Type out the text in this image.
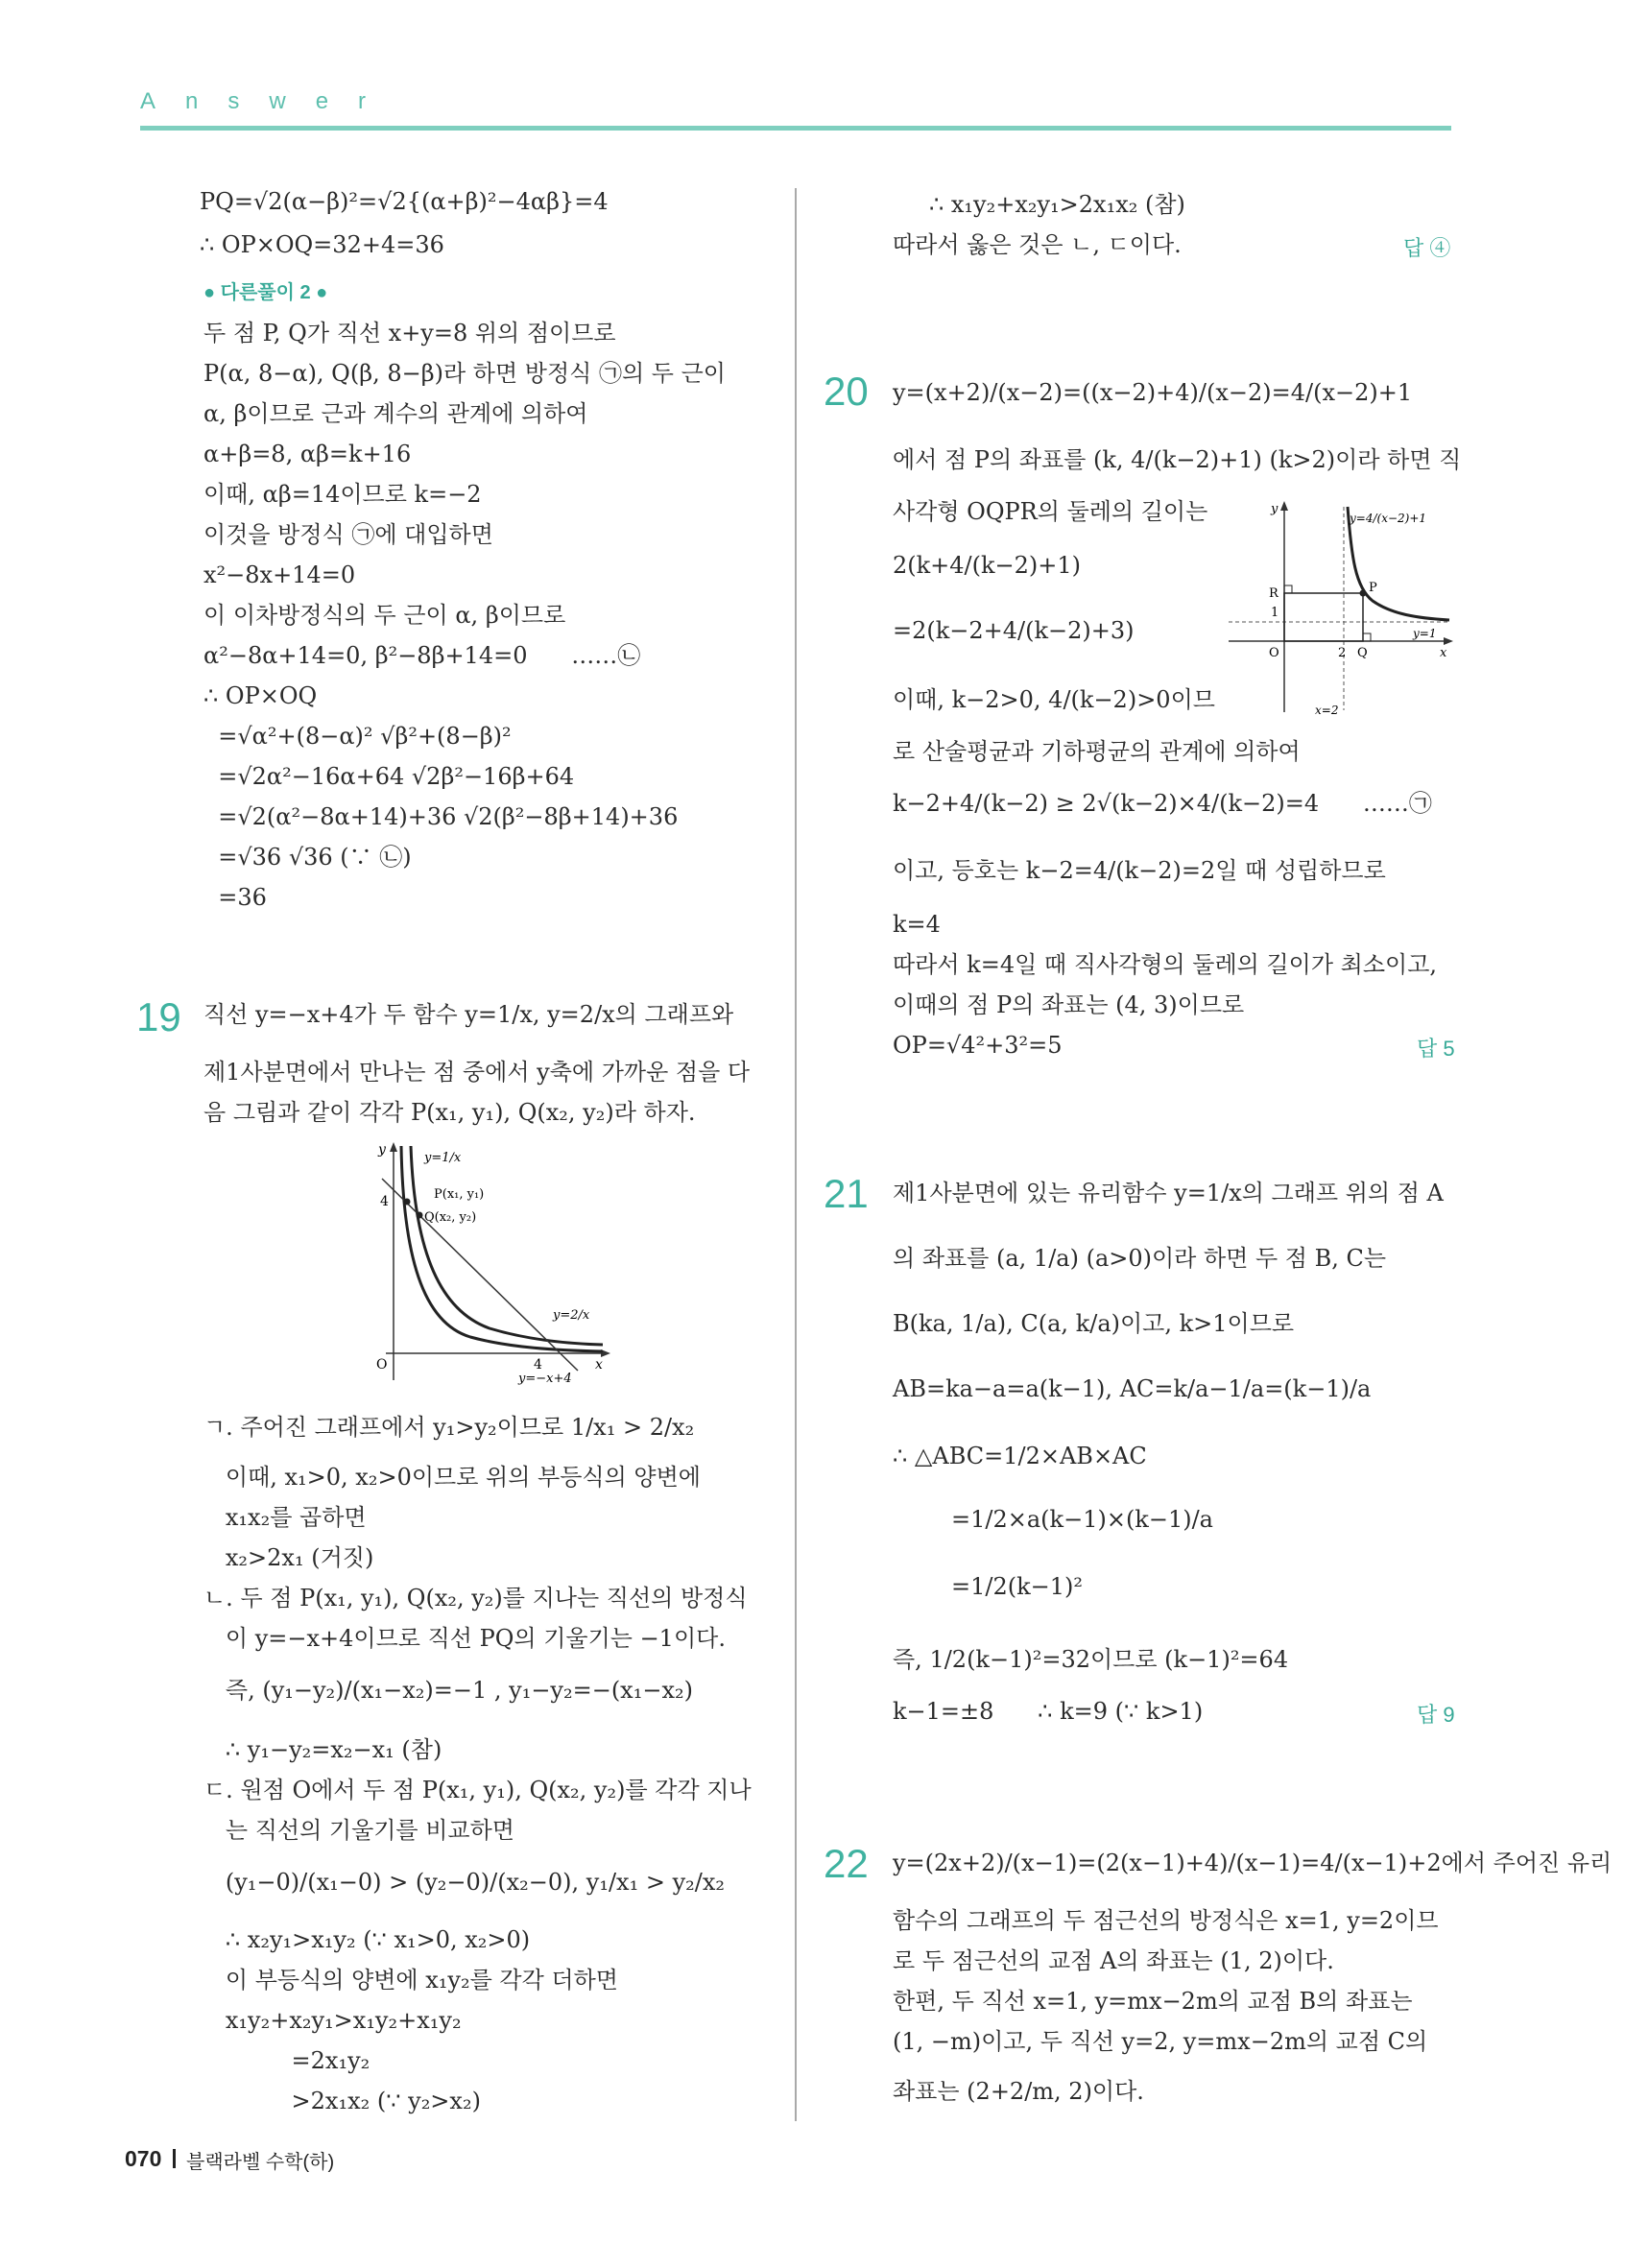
Answer
PQ=√2(α−β)²=√2{(α+β)²−4αβ}=4
∴ OP×OQ=32+4=36
● 다른풀이 2 ●
두 점 P, Q가 직선 x+y=8 위의 점이므로
P(α, 8−α), Q(β, 8−β)라 하면 방정식 ㉠의 두 근이
α, β이므로 근과 계수의 관계에 의하여
α+β=8, αβ=k+16
이때, αβ=14이므로 k=−2
이것을 방정식 ㉠에 대입하면
x²−8x+14=0
이 이차방정식의 두 근이 α, β이므로
α²−8α+14=0, β²−8β+14=0      ……㉡
∴ OP×OQ
=√α²+(8−α)² √β²+(8−β)²
=√2α²−16α+64 √2β²−16β+64
=√2(α²−8α+14)+36 √2(β²−8β+14)+36
=√36 √36 (∵ ㉡)
=36
19 직선 y=−x+4가 두 함수 y=1/x, y=2/x의 그래프와
제1사분면에서 만나는 점 중에서 y축에 가까운 점을 다
음 그림과 같이 각각 P(x₁, y₁), Q(x₂, y₂)라 하자.
y
x
O
4
4
y=1/x
P(x₁, y₁)
Q(x₂, y₂)
y=2/x
y=−x+4
ㄱ. 주어진 그래프에서 y₁>y₂이므로 1/x₁ > 2/x₂
이때, x₁>0, x₂>0이므로 위의 부등식의 양변에
x₁x₂를 곱하면
x₂>2x₁ (거짓)
ㄴ. 두 점 P(x₁, y₁), Q(x₂, y₂)를 지나는 직선의 방정식
이 y=−x+4이므로 직선 PQ의 기울기는 −1이다.
즉, (y₁−y₂)/(x₁−x₂)=−1 , y₁−y₂=−(x₁−x₂)
∴ y₁−y₂=x₂−x₁ (참)
ㄷ. 원점 O에서 두 점 P(x₁, y₁), Q(x₂, y₂)를 각각 지나
는 직선의 기울기를 비교하면
(y₁−0)/(x₁−0) > (y₂−0)/(x₂−0), y₁/x₁ > y₂/x₂
∴ x₂y₁>x₁y₂ (∵ x₁>0, x₂>0)
이 부등식의 양변에 x₁y₂를 각각 더하면
x₁y₂+x₂y₁>x₁y₂+x₁y₂
=2x₁y₂
>2x₁x₂ (∵ y₂>x₂)
∴ x₁y₂+x₂y₁>2x₁x₂ (참)
따라서 옳은 것은 ㄴ, ㄷ이다.	답 ④
20 y=(x+2)/(x−2)=((x−2)+4)/(x−2)=4/(x−2)+1
에서 점 P의 좌표를 (k, 4/(k−2)+1) (k>2)이라 하면 직
사각형 OQPR의 둘레의 길이는
2(k+4/(k−2)+1)
=2(k−2+4/(k−2)+3)
이때, k−2>0, 4/(k−2)>0이므
로 산술평균과 기하평균의 관계에 의하여
k−2+4/(k−2) ≥ 2√(k−2)×4/(k−2)=4      ……㉠
이고, 등호는 k−2=4/(k−2)=2일 때 성립하므로
k=4
따라서 k=4일 때 직사각형의 둘레의 길이가 최소이고,
이때의 점 P의 좌표는 (4, 3)이므로
OP=√4²+3²=5	답 5
y
x
O
R
1
2 Q
P
y=4/(x−2)+1
y=1
x=2
21 제1사분면에 있는 유리함수 y=1/x의 그래프 위의 점 A
의 좌표를 (a, 1/a) (a>0)이라 하면 두 점 B, C는
B(ka, 1/a), C(a, k/a)이고, k>1이므로
AB=ka−a=a(k−1), AC=k/a−1/a=(k−1)/a
∴ △ABC=1/2×AB×AC
=1/2×a(k−1)×(k−1)/a
=1/2(k−1)²
즉, 1/2(k−1)²=32이므로 (k−1)²=64
k−1=±8      ∴ k=9 (∵ k>1)	답 9
22 y=(2x+2)/(x−1)=(2(x−1)+4)/(x−1)=4/(x−1)+2에서 주어진 유리
함수의 그래프의 두 점근선의 방정식은 x=1, y=2이므
로 두 점근선의 교점 A의 좌표는 (1, 2)이다.
한편, 두 직선 x=1, y=mx−2m의 교점 B의 좌표는
(1, −m)이고, 두 직선 y=2, y=mx−2m의 교점 C의
좌표는 (2+2/m, 2)이다.
070 블랙라벨 수학(하)
